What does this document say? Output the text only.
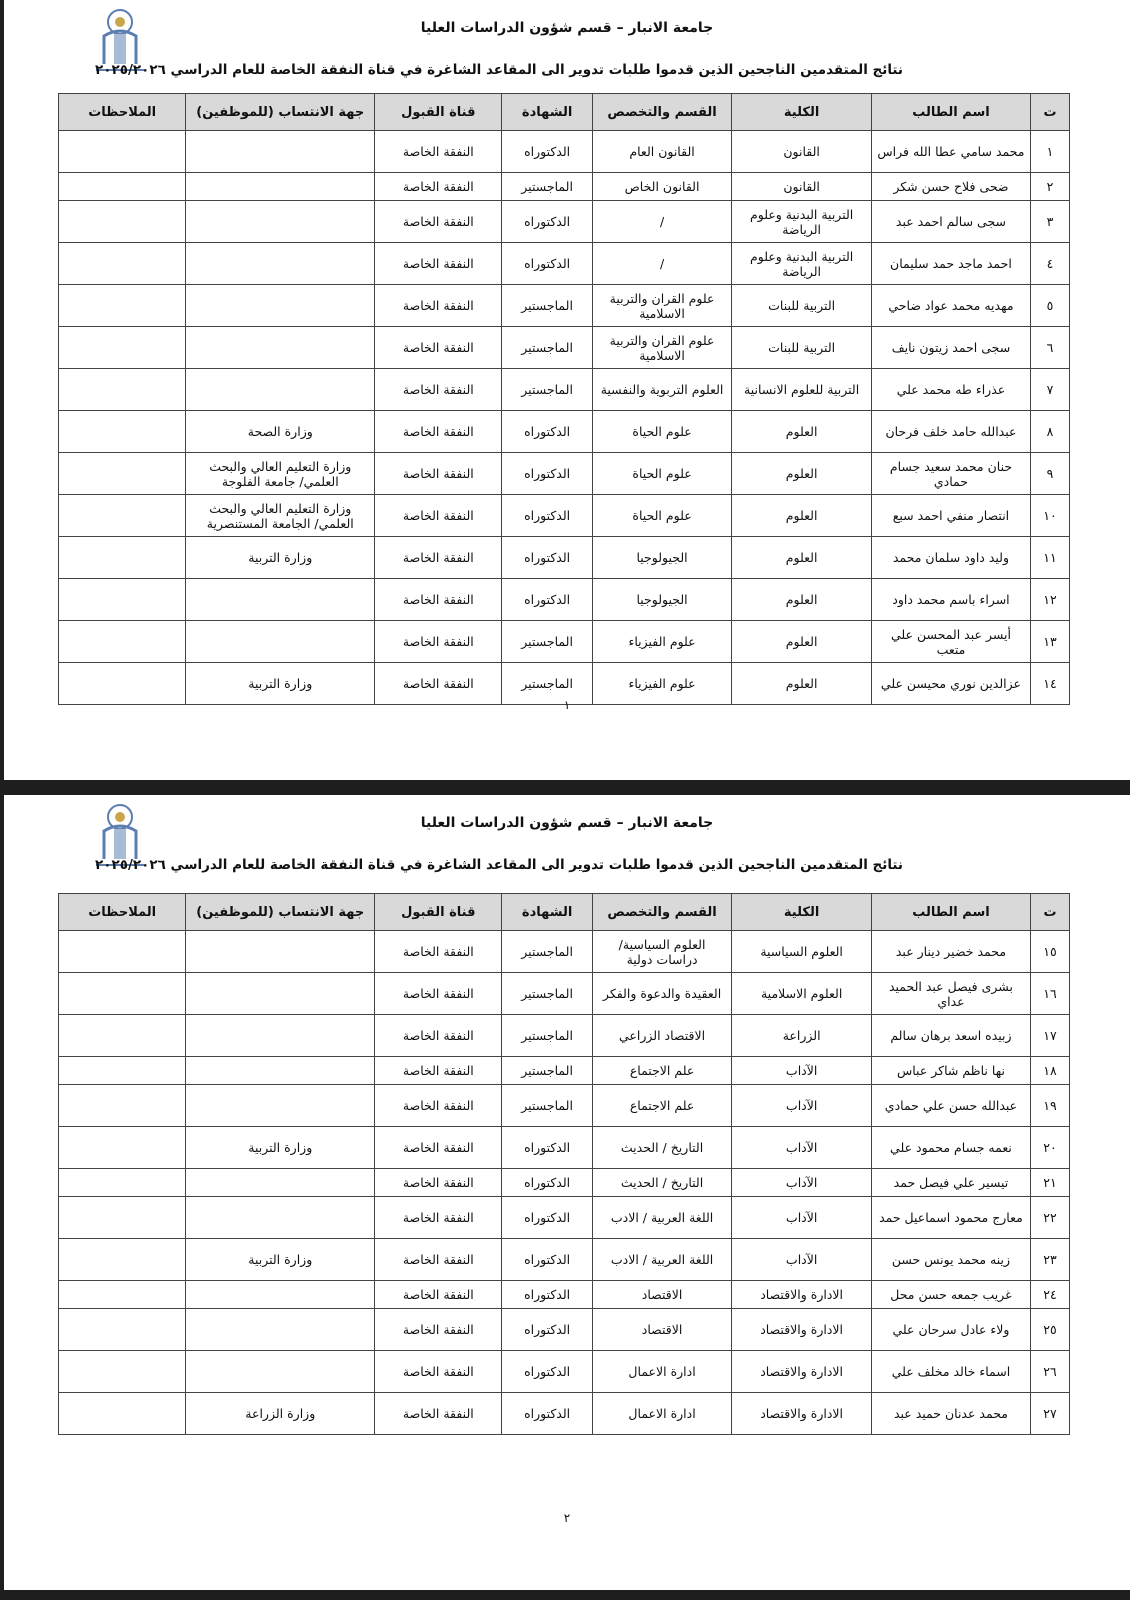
جامعة الانبار – قسم شؤون الدراسات العليا
نتائج المتقدمين الناجحين الذين قدموا طلبات تدوير الى المقاعد الشاغرة في قناة النفقة الخاصة للعام الدراسي ٢٠٢٥/٢٠٢٦
ت	اسم الطالب	الكلية	القسم والتخصص	الشهادة	قناة القبول	جهة الانتساب (للموظفين)	الملاحظات
١	محمد سامي عطا الله فراس	القانون	القانون العام	الدكتوراه	النفقة الخاصة		
٢	ضحى فلاح حسن شكر	القانون	القانون الخاص	الماجستير	النفقة الخاصة		
٣	سجى سالم احمد عبد	التربية البدنية وعلوم الرياضة	/	الدكتوراه	النفقة الخاصة		
٤	احمد ماجد حمد سليمان	التربية البدنية وعلوم الرياضة	/	الدكتوراه	النفقة الخاصة		
٥	مهديه محمد عواد ضاحي	التربية للبنات	علوم القران والتربية الاسلامية	الماجستير	النفقة الخاصة		
٦	سجى احمد زيتون نايف	التربية للبنات	علوم القران والتربية الاسلامية	الماجستير	النفقة الخاصة		
٧	عذراء طه محمد علي	التربية للعلوم الانسانية	العلوم التربوية والنفسية	الماجستير	النفقة الخاصة		
٨	عبدالله حامد خلف فرحان	العلوم	علوم الحياة	الدكتوراه	النفقة الخاصة	وزارة الصحة	
٩	حنان محمد سعيد جسام حمادي	العلوم	علوم الحياة	الدكتوراه	النفقة الخاصة	وزارة التعليم العالي والبحث العلمي/ جامعة الفلوجة	
١٠	انتصار منفي احمد سبع	العلوم	علوم الحياة	الدكتوراه	النفقة الخاصة	وزارة التعليم العالي والبحث العلمي/ الجامعة المستنصرية	
١١	وليد داود سلمان محمد	العلوم	الجيولوجيا	الدكتوراه	النفقة الخاصة	وزارة التربية	
١٢	اسراء باسم محمد داود	العلوم	الجيولوجيا	الدكتوراه	النفقة الخاصة		
١٣	أيسر عبد المحسن علي متعب	العلوم	علوم الفيزياء	الماجستير	النفقة الخاصة		
١٤	عزالدين نوري محيسن علي	العلوم	علوم الفيزياء	الماجستير	النفقة الخاصة	وزارة التربية	
١
جامعة الانبار – قسم شؤون الدراسات العليا
نتائج المتقدمين الناجحين الذين قدموا طلبات تدوير الى المقاعد الشاغرة في قناة النفقة الخاصة للعام الدراسي ٢٠٢٥/٢٠٢٦
ت	اسم الطالب	الكلية	القسم والتخصص	الشهادة	قناة القبول	جهة الانتساب (للموظفين)	الملاحظات
١٥	محمد خضير دينار عبد	العلوم السياسية	العلوم السياسية/ دراسات دولية	الماجستير	النفقة الخاصة		
١٦	بشرى فيصل عبد الحميد عداي	العلوم الاسلامية	العقيدة والدعوة والفكر	الماجستير	النفقة الخاصة		
١٧	زبيده اسعد برهان سالم	الزراعة	الاقتصاد الزراعي	الماجستير	النفقة الخاصة		
١٨	نها ناظم شاكر عباس	الآداب	علم الاجتماع	الماجستير	النفقة الخاصة		
١٩	عبدالله حسن علي حمادي	الآداب	علم الاجتماع	الماجستير	النفقة الخاصة		
٢٠	نعمه جسام محمود علي	الآداب	التاريخ / الحديث	الدكتوراه	النفقة الخاصة	وزارة التربية	
٢١	تيسير علي فيصل حمد	الآداب	التاريخ / الحديث	الدكتوراه	النفقة الخاصة		
٢٢	معارج محمود اسماعيل حمد	الآداب	اللغة العربية / الادب	الدكتوراه	النفقة الخاصة		
٢٣	زينه محمد يونس حسن	الآداب	اللغة العربية / الادب	الدكتوراه	النفقة الخاصة	وزارة التربية	
٢٤	غريب جمعه حسن محل	الادارة والاقتصاد	الاقتصاد	الدكتوراه	النفقة الخاصة		
٢٥	ولاء عادل سرحان علي	الادارة والاقتصاد	الاقتصاد	الدكتوراه	النفقة الخاصة		
٢٦	اسماء خالد مخلف علي	الادارة والاقتصاد	ادارة الاعمال	الدكتوراه	النفقة الخاصة		
٢٧	محمد عدنان حميد عبد	الادارة والاقتصاد	ادارة الاعمال	الدكتوراه	النفقة الخاصة	وزارة الزراعة	
٢
